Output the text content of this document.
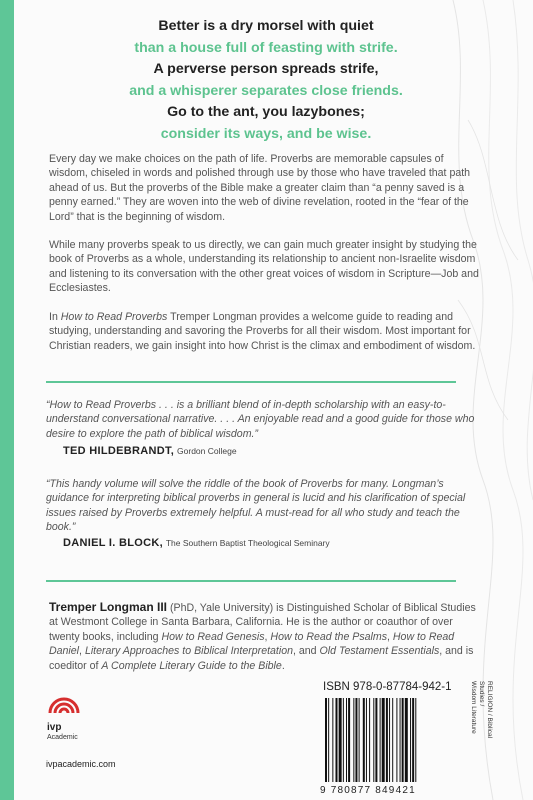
Better is a dry morsel with quiet
than a house full of feasting with strife.
A perverse person spreads strife,
and a whisperer separates close friends.
Go to the ant, you lazybones;
consider its ways, and be wise.
Every day we make choices on the path of life. Proverbs are memorable capsules of wisdom, chiseled in words and polished through use by those who have traveled that path ahead of us. But the proverbs of the Bible make a greater claim than “a penny saved is a penny earned.” They are woven into the web of divine revelation, rooted in the “fear of the Lord” that is the beginning of wisdom.
While many proverbs speak to us directly, we can gain much greater insight by studying the book of Proverbs as a whole, understanding its relationship to ancient non-Israelite wisdom and listening to its conversation with the other great voices of wisdom in Scripture—Job and Ecclesiastes.
In How to Read Proverbs Tremper Longman provides a welcome guide to reading and studying, understanding and savoring the Proverbs for all their wisdom. Most important for Christian readers, we gain insight into how Christ is the climax and embodiment of wisdom.
“How to Read Proverbs . . . is a brilliant blend of in-depth scholarship with an easy-to-understand conversational narrative. . . . An enjoyable read and a good guide for those who desire to explore the path of biblical wisdom.”
TED HILDEBRANDT, Gordon College
“This handy volume will solve the riddle of the book of Proverbs for many. Longman’s guidance for interpreting biblical proverbs in general is lucid and his clarification of special issues raised by Proverbs extremely helpful. A must-read for all who study and teach the book.”
DANIEL I. BLOCK, The Southern Baptist Theological Seminary
Tremper Longman III (PhD, Yale University) is Distinguished Scholar of Biblical Studies at Westmont College in Santa Barbara, California. He is the author or coauthor of over twenty books, including How to Read Genesis, How to Read the Psalms, How to Read Daniel, Literary Approaches to Biblical Interpretation, and Old Testament Essentials, and is coeditor of A Complete Literary Guide to the Bible.
ivp
Academic
ivpacademic.com
ISBN 978-0-87784-942-1
9 780877 849421
RELIGION / Biblical Studies /
Wisdom Literature
